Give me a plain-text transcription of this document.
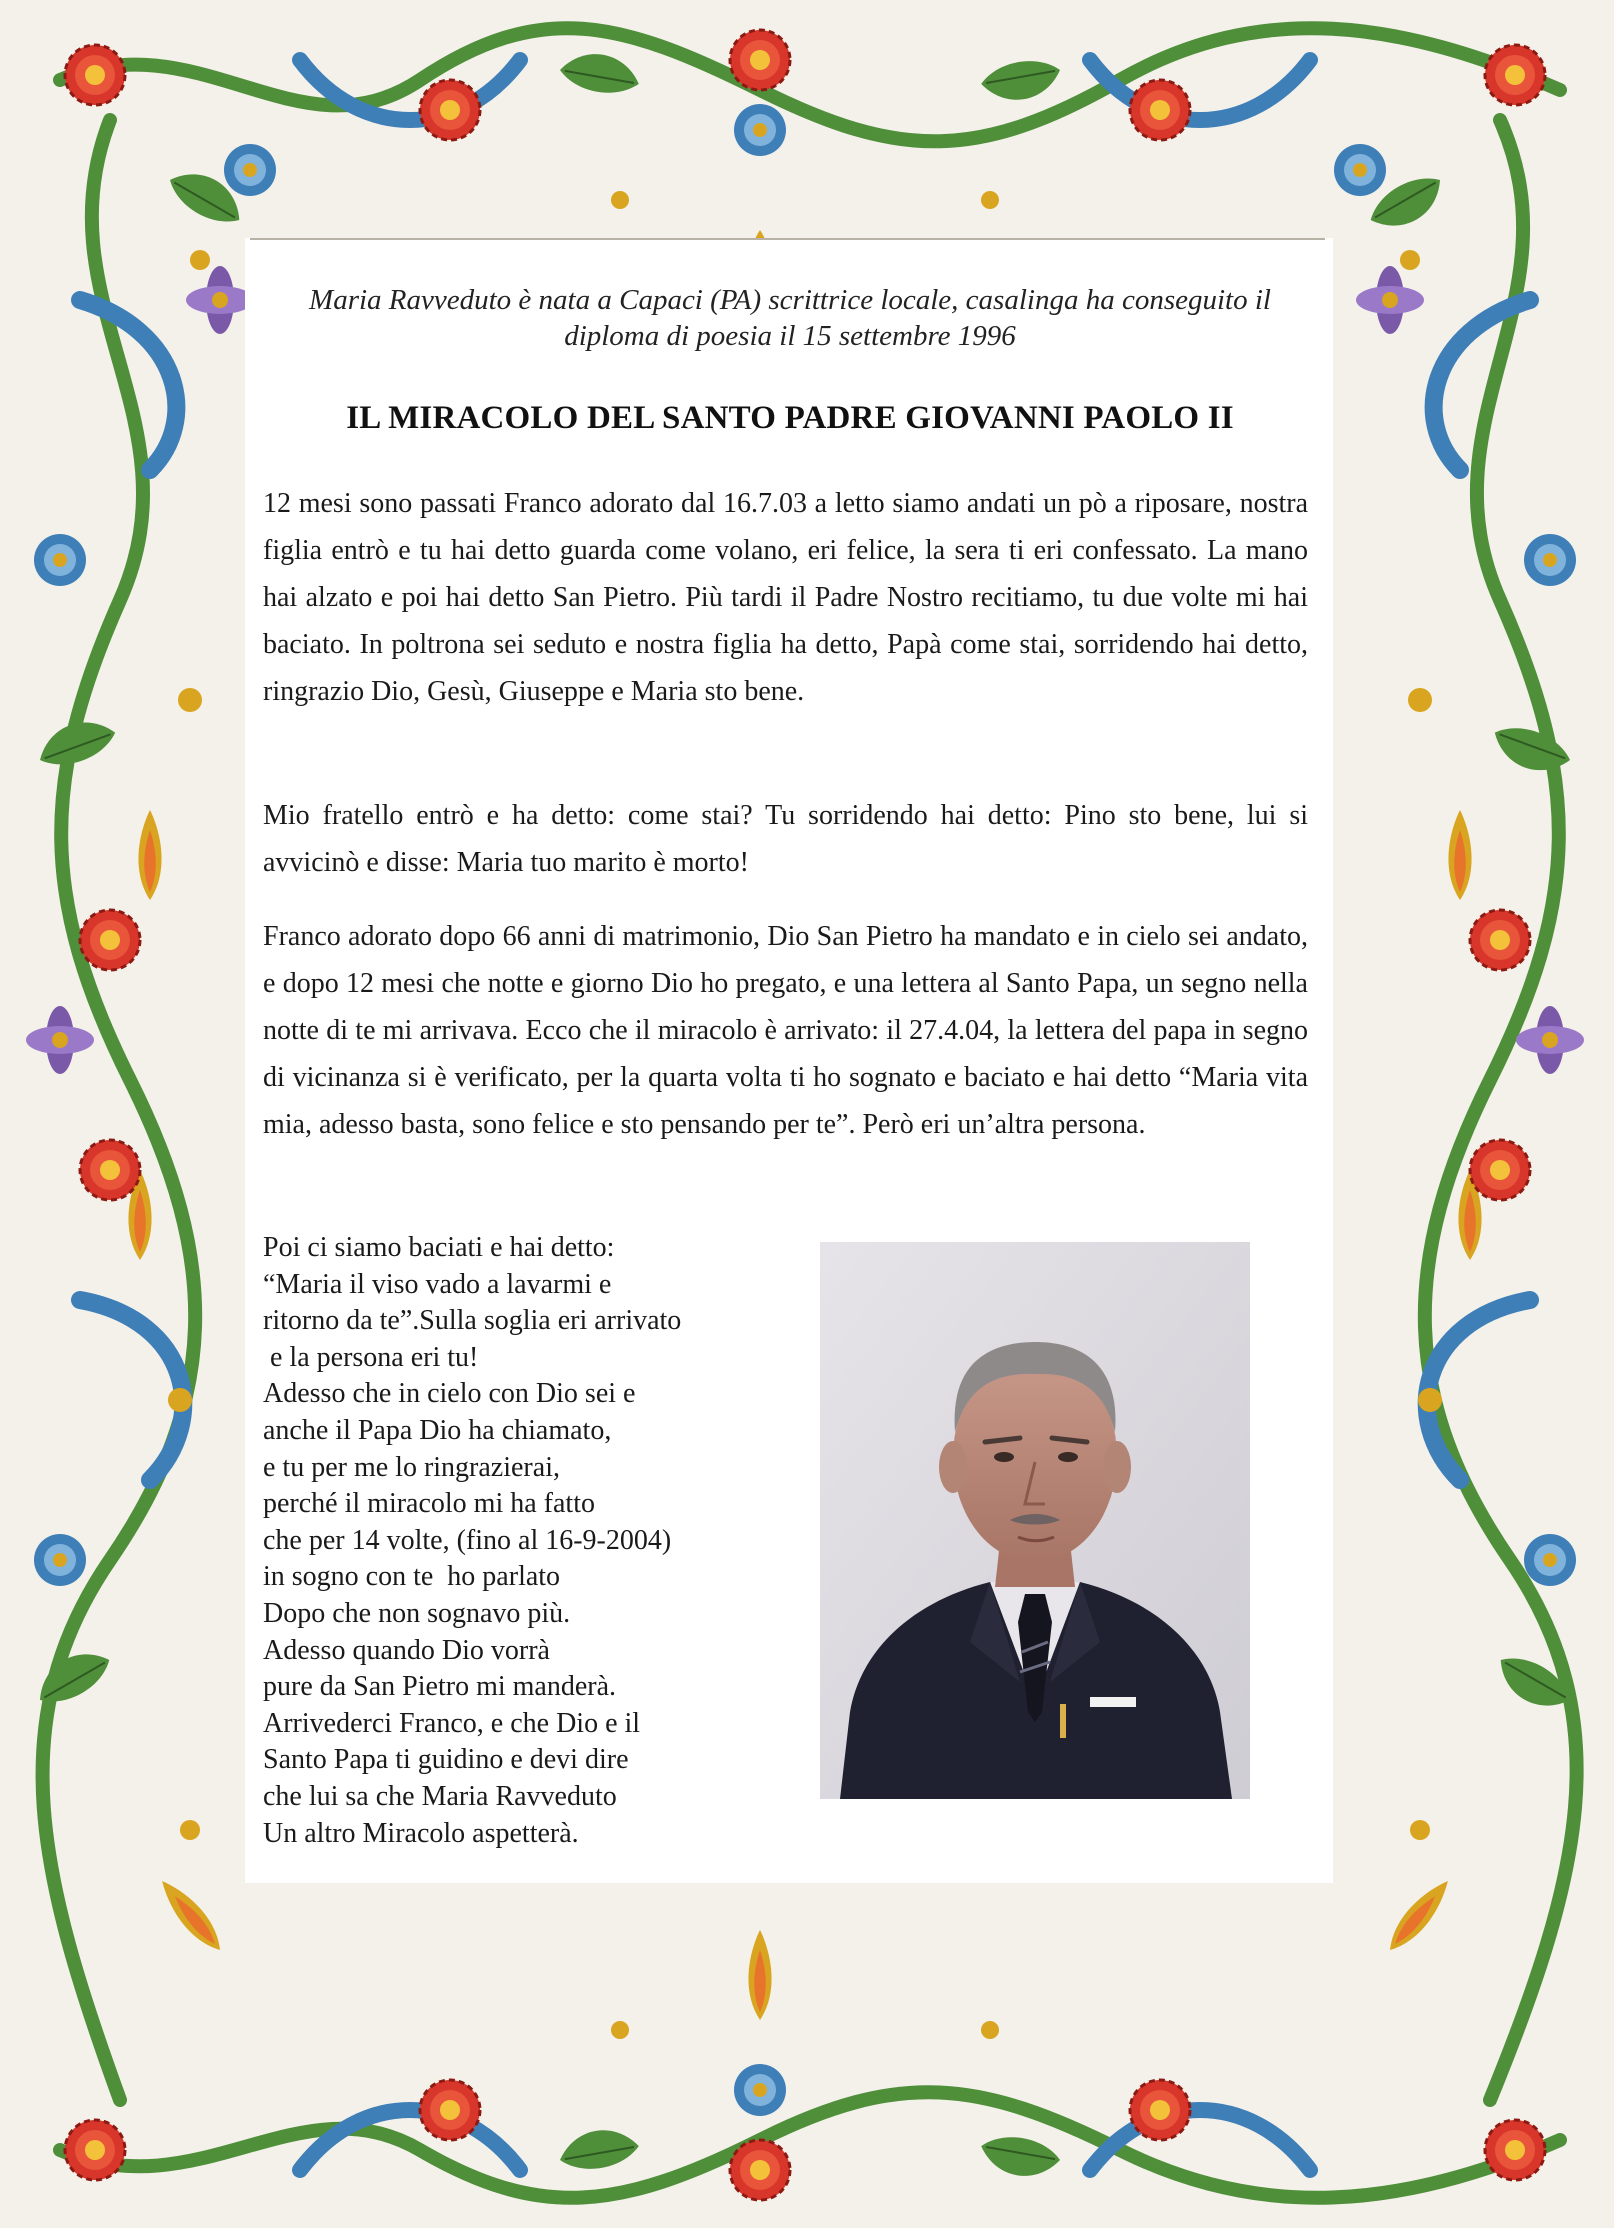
Maria Ravveduto è nata a Capaci (PA) scrittrice locale, casalinga ha conseguito il diploma di poesia il 15 settembre 1996
IL MIRACOLO DEL SANTO PADRE GIOVANNI PAOLO II
12 mesi sono passati Franco adorato dal 16.7.03 a letto siamo andati un pò a riposare, nostra figlia entrò e tu hai detto guarda come volano, eri felice, la sera ti eri confessato. La mano hai alzato e poi hai detto San Pietro. Più tardi il Padre Nostro recitiamo, tu due volte mi hai baciato. In poltrona sei seduto e nostra figlia ha detto, Papà come stai, sorridendo hai detto, ringrazio Dio, Gesù, Giuseppe e Maria sto bene.
Mio fratello entrò e ha detto: come stai? Tu sorridendo hai detto: Pino sto bene, lui si avvicinò e disse: Maria tuo marito è morto!
Franco adorato dopo 66 anni di matrimonio, Dio San Pietro ha mandato e in cielo sei andato, e dopo 12 mesi che notte e giorno Dio ho pregato, e una lettera al Santo Papa, un segno nella notte di te mi arrivava. Ecco che il miracolo è arrivato: il 27.4.04, la lettera del papa in segno di vicinanza si è verificato, per la quarta volta ti ho sognato e baciato e hai detto “Maria vita mia, adesso basta, sono felice e sto pensando per te”. Però eri un’altra persona.
Poi ci siamo baciati e hai detto:
“Maria il viso vado a lavarmi e
ritorno da te”.Sulla soglia eri arrivato
e la persona eri tu!
Adesso che in cielo con Dio sei e
anche il Papa Dio ha chiamato,
e tu per me lo ringrazierai,
perché il miracolo mi ha fatto
che per 14 volte, (fino al 16-9-2004)
in sogno con te  ho parlato
Dopo che non sognavo più.
Adesso quando Dio vorrà
pure da San Pietro mi manderà.
Arrivederci Franco, e che Dio e il
Santo Papa ti guidino e devi dire
che lui sa che Maria Ravveduto
Un altro Miracolo aspetterà.
